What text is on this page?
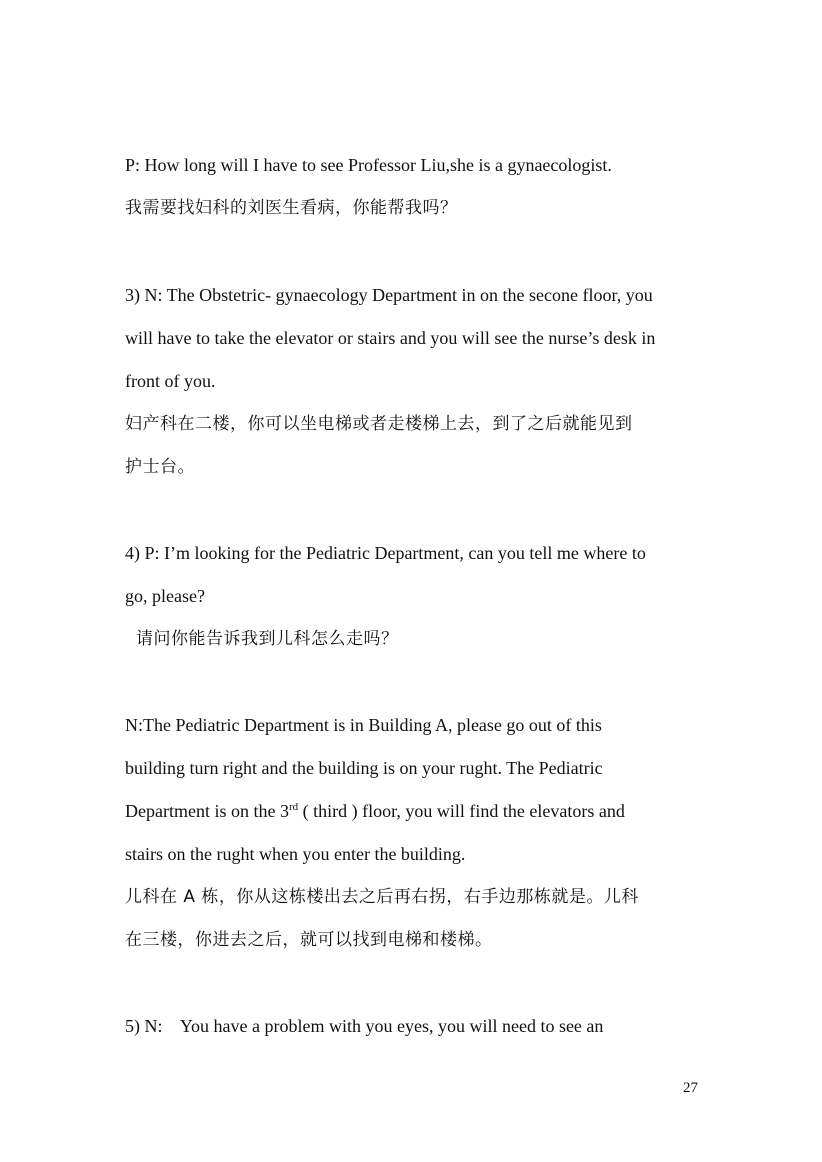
P: How long will I have to see Professor Liu,she is a gynaecologist.

我需要找妇科的刘医生看病，你能帮我吗？

3) N: The Obstetric- gynaecology Department in on the secone floor, you

will have to take the elevator or stairs and you will see the nurse’s desk in

front of you.

妇产科在二楼，你可以坐电梯或者走楼梯上去，到了之后就能见到

护士台。

4) P: I’m looking for the Pediatric Department, can you tell me where to

go, please?

请问你能告诉我到儿科怎么走吗？

N:The Pediatric Department is in Building A, please go out of this

building turn right and the building is on your rught. The Pediatric

Department is on the 3rd ( third ) floor, you will find the elevators and

stairs on the rught when you enter the building.

儿科在 A 栋，你从这栋楼出去之后再右拐，右手边那栋就是。儿科

在三楼，你进去之后，就可以找到电梯和楼梯。

5) N:    You have a problem with you eyes, you will need to see an

27
